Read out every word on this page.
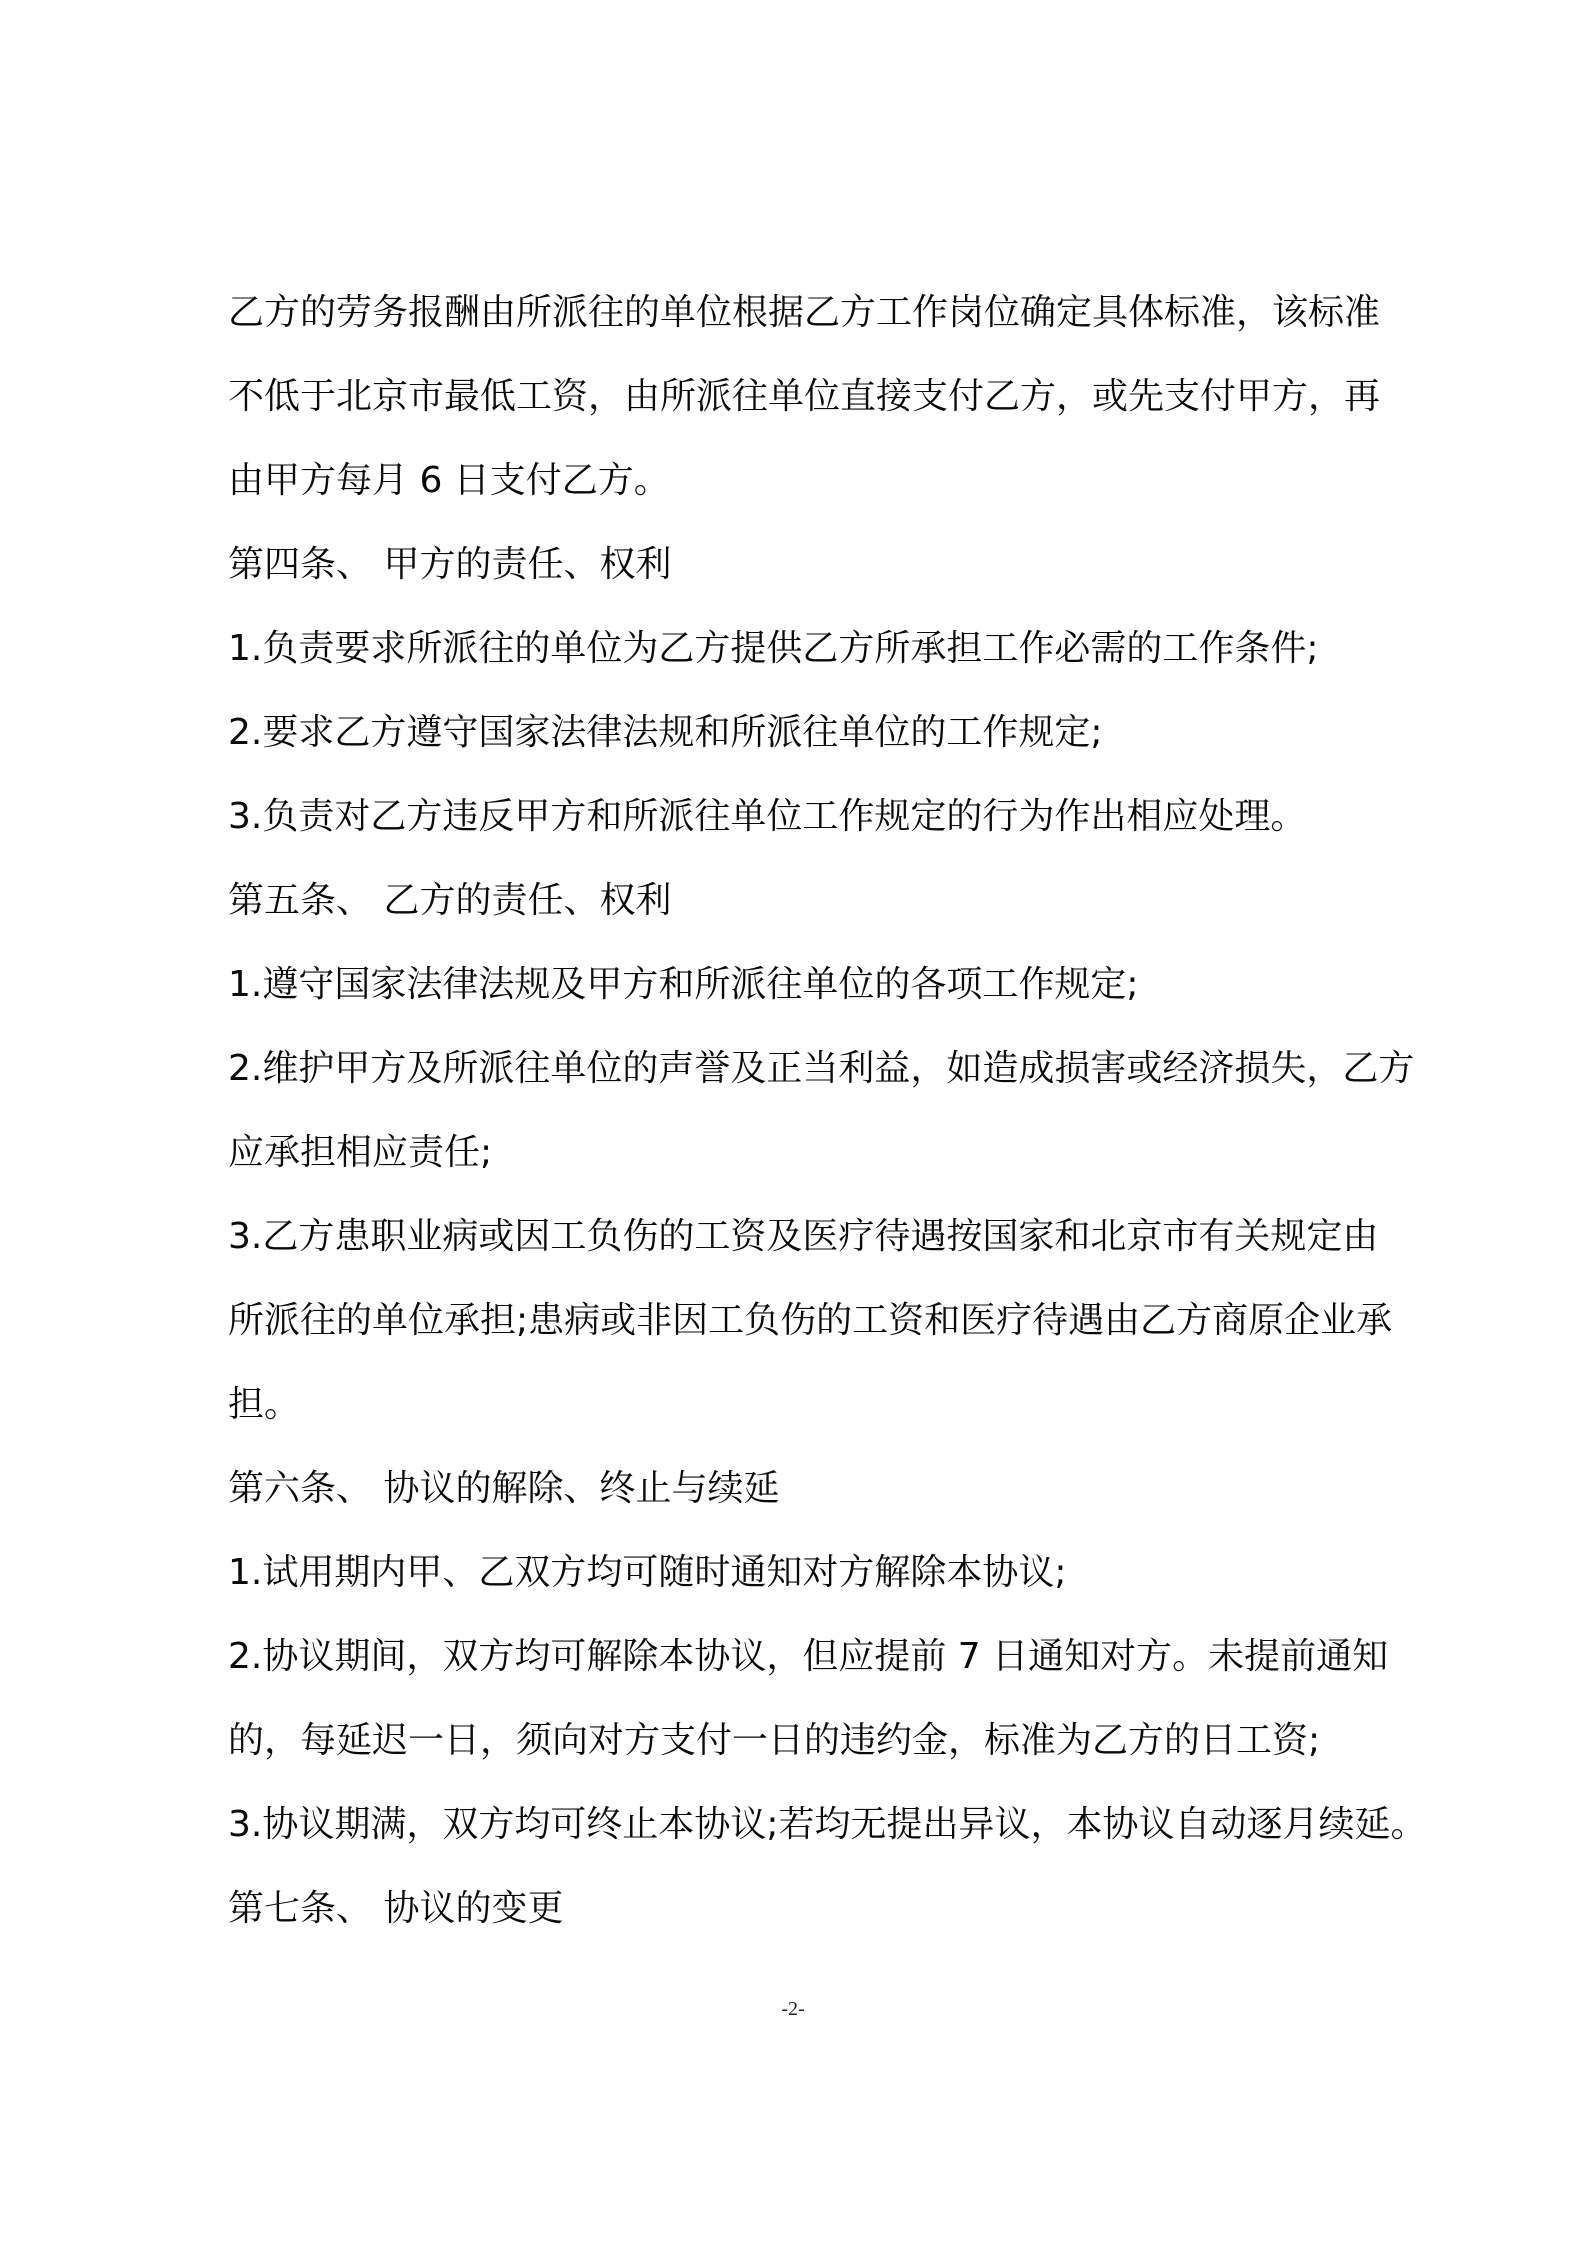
乙方的劳务报酬由所派往的单位根据乙方工作岗位确定具体标准，该标准
不低于北京市最低工资，由所派往单位直接支付乙方，或先支付甲方，再
由甲方每月 6 日支付乙方。
第四条、 甲方的责任、权利
1.负责要求所派往的单位为乙方提供乙方所承担工作必需的工作条件;
2.要求乙方遵守国家法律法规和所派往单位的工作规定;
3.负责对乙方违反甲方和所派往单位工作规定的行为作出相应处理。
第五条、 乙方的责任、权利
1.遵守国家法律法规及甲方和所派往单位的各项工作规定;
2.维护甲方及所派往单位的声誉及正当利益，如造成损害或经济损失，乙方
应承担相应责任;
3.乙方患职业病或因工负伤的工资及医疗待遇按国家和北京市有关规定由
所派往的单位承担;患病或非因工负伤的工资和医疗待遇由乙方商原企业承
担。
第六条、 协议的解除、终止与续延
1.试用期内甲、乙双方均可随时通知对方解除本协议;
2.协议期间，双方均可解除本协议，但应提前 7 日通知对方。未提前通知
的，每延迟一日，须向对方支付一日的违约金，标准为乙方的日工资;
3.协议期满，双方均可终止本协议;若均无提出异议，本协议自动逐月续延。
第七条、 协议的变更
-2-
